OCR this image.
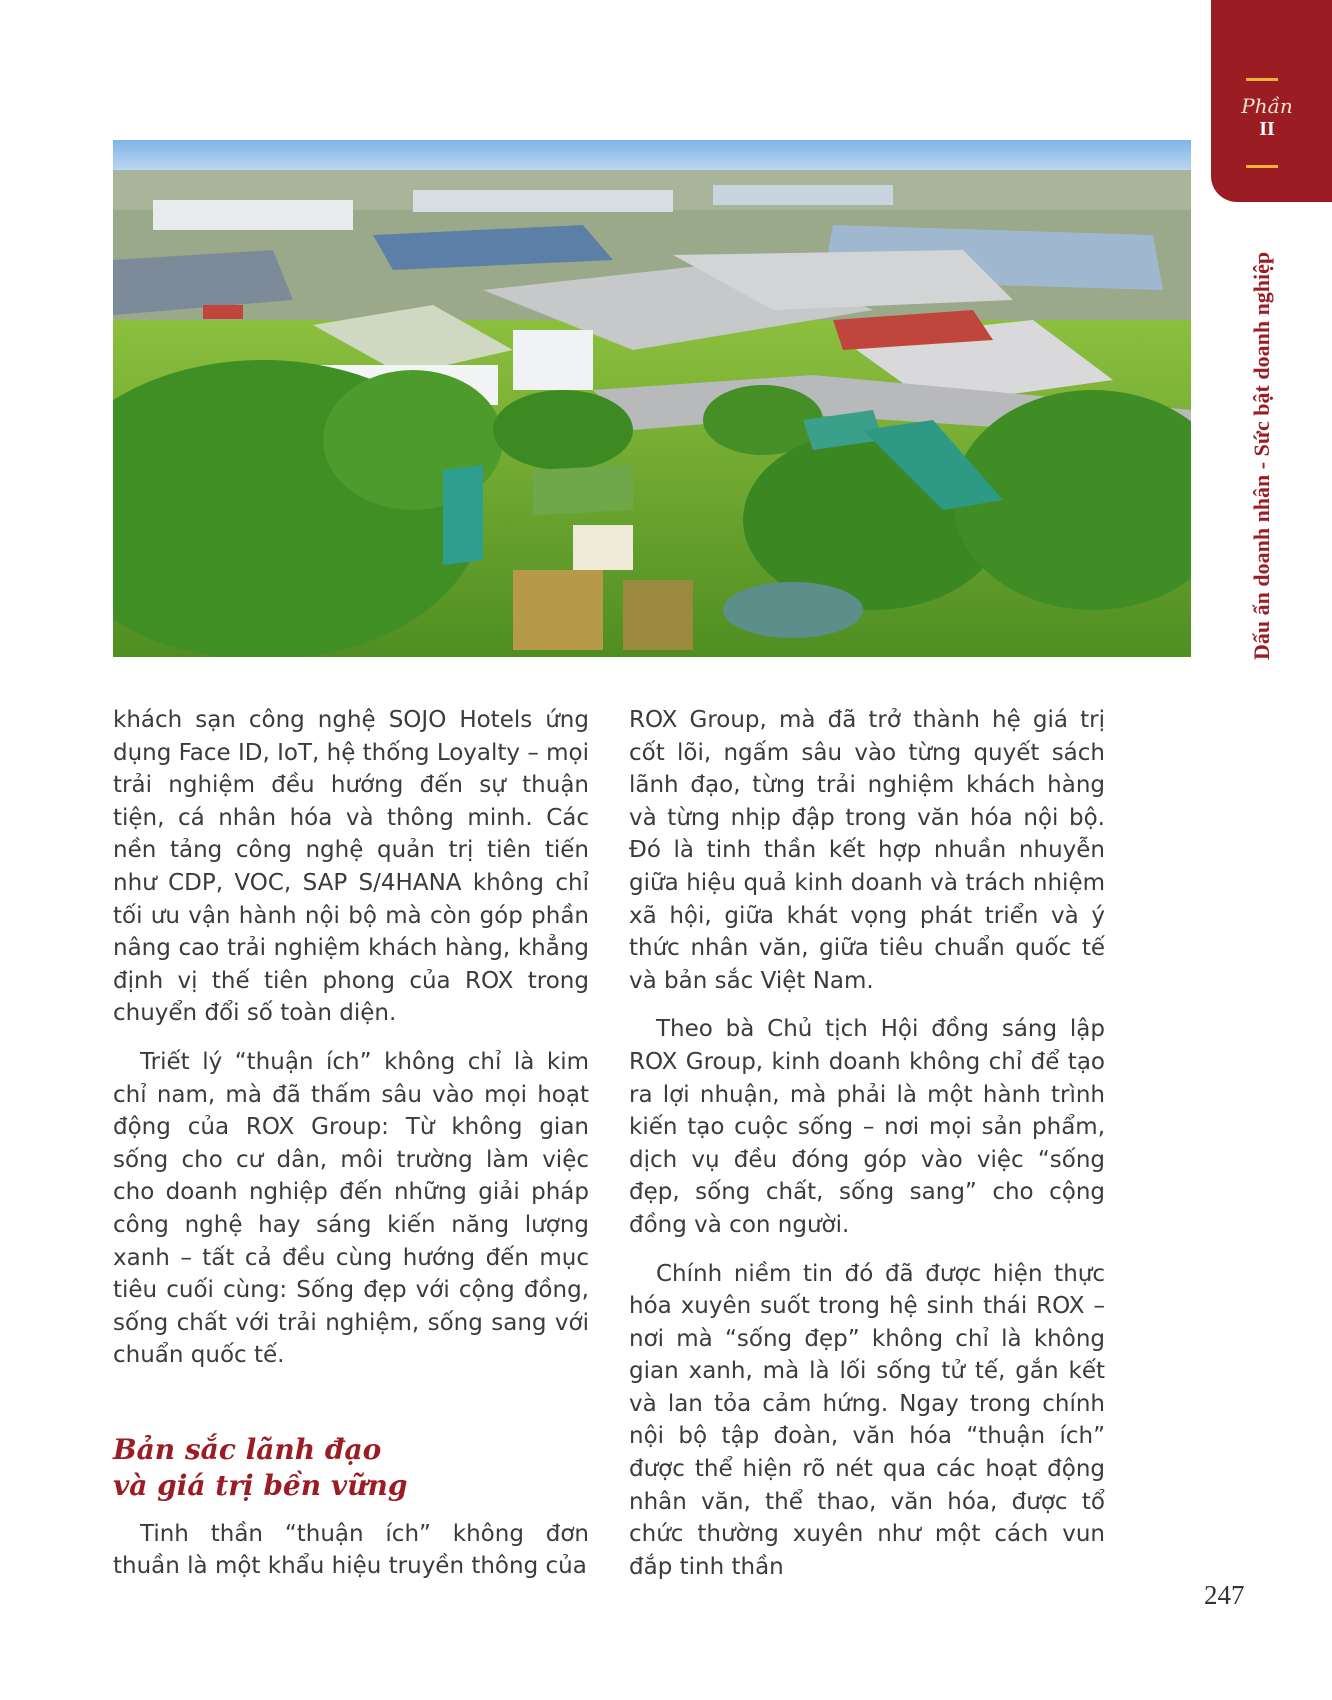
Phần
II
Dấu ấn doanh nhân - Sức bật doanh nghiệp

khách sạn công nghệ SOJO Hotels ứng dụng Face ID, IoT, hệ thống Loyalty – mọi trải nghiệm đều hướng đến sự thuận tiện, cá nhân hóa và thông minh. Các nền tảng công nghệ quản trị tiên tiến như CDP, VOC, SAP S/4HANA không chỉ tối ưu vận hành nội bộ mà còn góp phần nâng cao trải nghiệm khách hàng, khẳng định vị thế tiên phong của ROX trong chuyển đổi số toàn diện.

Triết lý “thuận ích” không chỉ là kim chỉ nam, mà đã thấm sâu vào mọi hoạt động của ROX Group: Từ không gian sống cho cư dân, môi trường làm việc cho doanh nghiệp đến những giải pháp công nghệ hay sáng kiến năng lượng xanh – tất cả đều cùng hướng đến mục tiêu cuối cùng: Sống đẹp với cộng đồng, sống chất với trải nghiệm, sống sang với chuẩn quốc tế.

Bản sắc lãnh đạo
và giá trị bền vững

Tinh thần “thuận ích” không đơn thuần là một khẩu hiệu truyền thông của

ROX Group, mà đã trở thành hệ giá trị cốt lõi, ngấm sâu vào từng quyết sách lãnh đạo, từng trải nghiệm khách hàng và từng nhịp đập trong văn hóa nội bộ. Đó là tinh thần kết hợp nhuần nhuyễn giữa hiệu quả kinh doanh và trách nhiệm xã hội, giữa khát vọng phát triển và ý thức nhân văn, giữa tiêu chuẩn quốc tế và bản sắc Việt Nam.

Theo bà Chủ tịch Hội đồng sáng lập ROX Group, kinh doanh không chỉ để tạo ra lợi nhuận, mà phải là một hành trình kiến tạo cuộc sống – nơi mọi sản phẩm, dịch vụ đều đóng góp vào việc “sống đẹp, sống chất, sống sang” cho cộng đồng và con người.

Chính niềm tin đó đã được hiện thực hóa xuyên suốt trong hệ sinh thái ROX – nơi mà “sống đẹp” không chỉ là không gian xanh, mà là lối sống tử tế, gắn kết và lan tỏa cảm hứng. Ngay trong chính nội bộ tập đoàn, văn hóa “thuận ích” được thể hiện rõ nét qua các hoạt động nhân văn, thể thao, văn hóa, được tổ chức thường xuyên như một cách vun đắp tinh thần

247
